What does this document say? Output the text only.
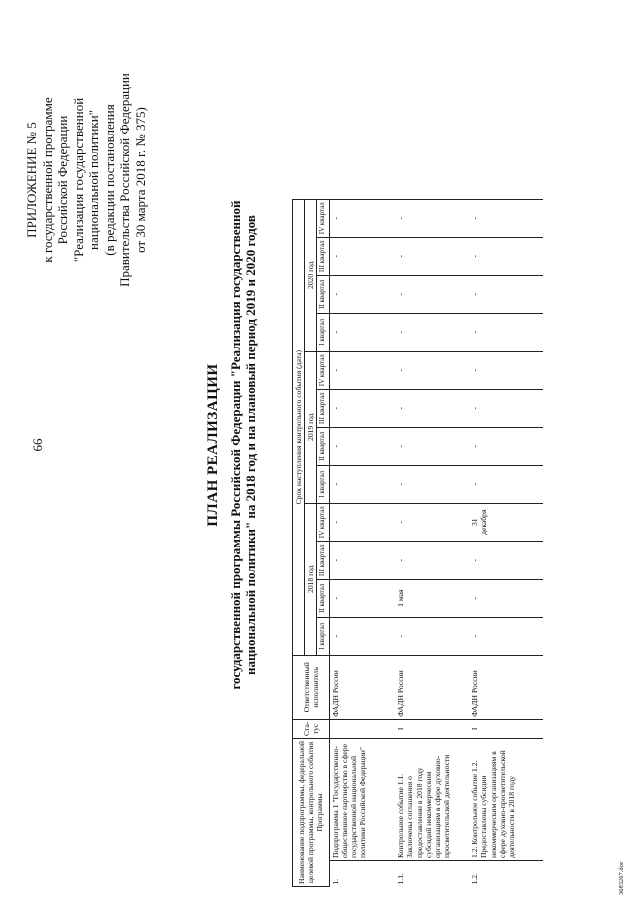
66
ПРИЛОЖЕНИЕ № 5 к государственной программе Российской Федерации "Реализация государственной национальной политики" (в редакции постановления Правительства Российской Федерации от 30 марта 2018 г. № 375)
ПЛАН РЕАЛИЗАЦИИ государственной программы Российской Федерации "Реализация государственной национальной политики" на 2018 год и на плановый период 2019 и 2020 годов
Наименование подпрограммы, федеральной целевой программы, контрольного события Программы		Ста-тус	Ответственный исполнитель	Срок наступления контрольного события (дата)											
				2018 год				2019 год				2020 год			
				I квартал	II квартал	III квартал	IV квартал	I квартал	II квартал	III квартал	IV квартал	I квартал	II квартал	III квартал	IV квартал
1.	Подпрограмма 1 "Государственно-общественное партнерство в сфере государственной национальной политики Российской Федерации"		ФАДН России	-	-	-	-	-	-	-	-	-	-	-	-
1.1.	Контрольное событие 1.1. Заключены соглашения о предоставлении в 2018 году субсидий некоммерческим организациям в сфере духовно-просветительской деятельности	I	ФАДН России	-	1 мая	-	-	-	-	-	-	-	-	-	-
1.2.	1.2. Контрольное событие 1.2. Предоставлены субсидии некоммерческим организациям в сфере духовно-просветительской деятельности в 2018 году	I	ФАДН России	-	-	-	31 декабря	-	-	-	-	-	-	-	-
3683267.doc
